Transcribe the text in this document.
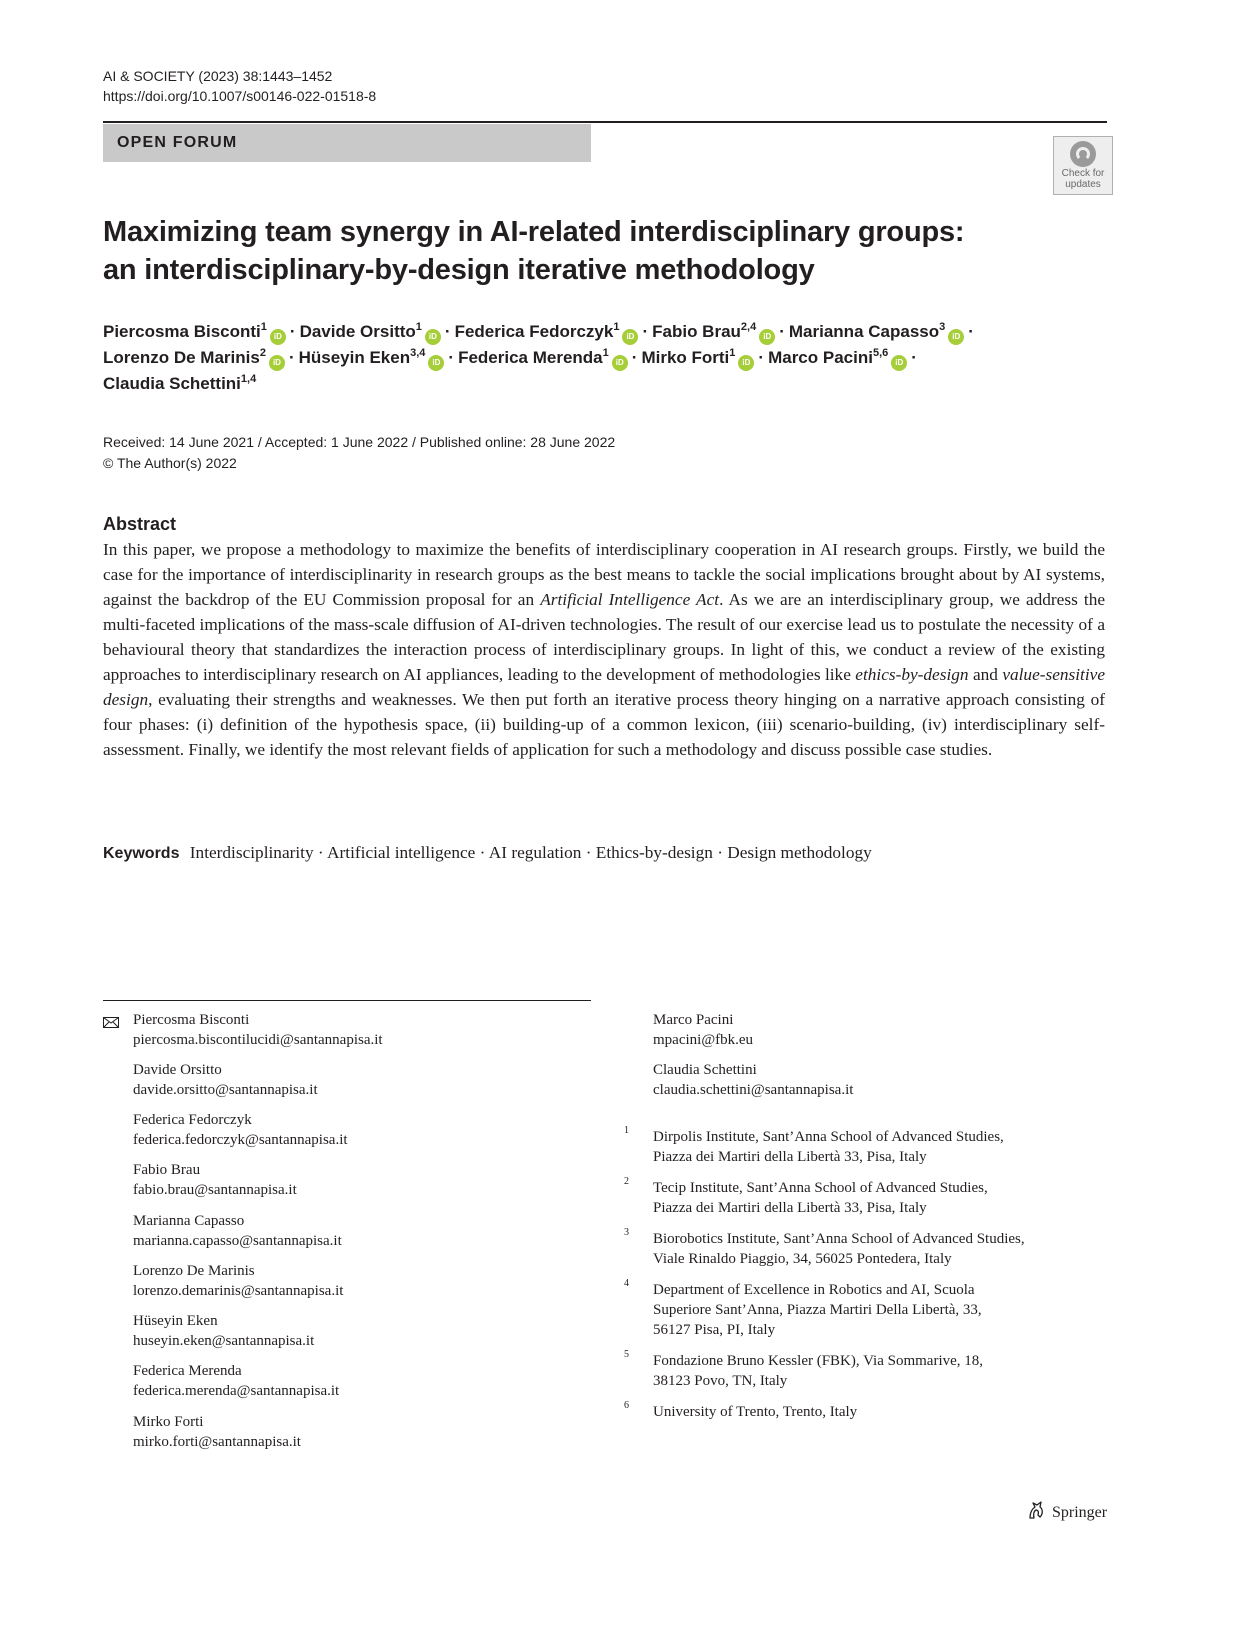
AI & SOCIETY (2023) 38:1443–1452
https://doi.org/10.1007/s00146-022-01518-8
OPEN FORUM
Check for updates
Maximizing team synergy in AI-related interdisciplinary groups:
an interdisciplinary-by-design iterative methodology
Piercosma Bisconti$^1$iD · Davide Orsitto$^1$iD · Federica Fedorczyk$^1$iD · Fabio Brau$^{2,4}$iD · Marianna Capasso$^3$iD ·
Lorenzo De Marinis$^2$iD · Hüseyin Eken$^{3,4}$iD · Federica Merenda$^1$iD · Mirko Forti$^1$iD · Marco Pacini$^{5,6}$iD ·
Claudia Schettini$^{1,4}$
Received: 14 June 2021 / Accepted: 1 June 2022 / Published online: 28 June 2022
© The Author(s) 2022
Abstract

In this paper, we propose a methodology to maximize the benefits of interdisciplinary cooperation in AI research groups. Firstly, we build the case for the importance of interdisciplinarity in research groups as the best means to tackle the social implications brought about by AI systems, against the backdrop of the EU Commission proposal for an Artificial Intelligence Act. As we are an interdisciplinary group, we address the multi-faceted implications of the mass-scale diffusion of AI-driven technologies. The result of our exercise lead us to postulate the necessity of a behavioural theory that standardizes the interaction process of interdisciplinary groups. In light of this, we conduct a review of the existing approaches to interdisciplinary research on AI appliances, leading to the development of methodologies like ethics-by-design and value-sensitive design, evaluating their strengths and weaknesses. We then put forth an iterative process theory hinging on a narrative approach consisting of four phases: (i) definition of the hypothesis space, (ii) building-up of a common lexicon, (iii) scenario-building, (iv) interdisciplinary self-assessment. Finally, we identify the most relevant fields of application for such a methodology and discuss possible case studies.

Keywords Interdisciplinarity · Artificial intelligence · AI regulation · Ethics-by-design · Design methodology
Piercosma Bisconti
piercosma.biscontilucidi@santannapisa.it
Davide Orsitto
davide.orsitto@santannapisa.it
Federica Fedorczyk
federica.fedorczyk@santannapisa.it
Fabio Brau
fabio.brau@santannapisa.it
Marianna Capasso
marianna.capasso@santannapisa.it
Lorenzo De Marinis
lorenzo.demarinis@santannapisa.it
Hüseyin Eken
huseyin.eken@santannapisa.it
Federica Merenda
federica.merenda@santannapisa.it
Mirko Forti
mirko.forti@santannapisa.it
Marco Pacini
mpacini@fbk.eu
Claudia Schettini
claudia.schettini@santannapisa.it
1 Dirpolis Institute, Sant’Anna School of Advanced Studies,
Piazza dei Martiri della Libertà 33, Pisa, Italy
2 Tecip Institute, Sant’Anna School of Advanced Studies,
Piazza dei Martiri della Libertà 33, Pisa, Italy
3 Biorobotics Institute, Sant’Anna School of Advanced Studies,
Viale Rinaldo Piaggio, 34, 56025 Pontedera, Italy
4 Department of Excellence in Robotics and AI, Scuola
Superiore Sant’Anna, Piazza Martiri Della Libertà, 33,
56127 Pisa, PI, Italy
5 Fondazione Bruno Kessler (FBK), Via Sommarive, 18,
38123 Povo, TN, Italy
6 University of Trento, Trento, Italy
Springer
